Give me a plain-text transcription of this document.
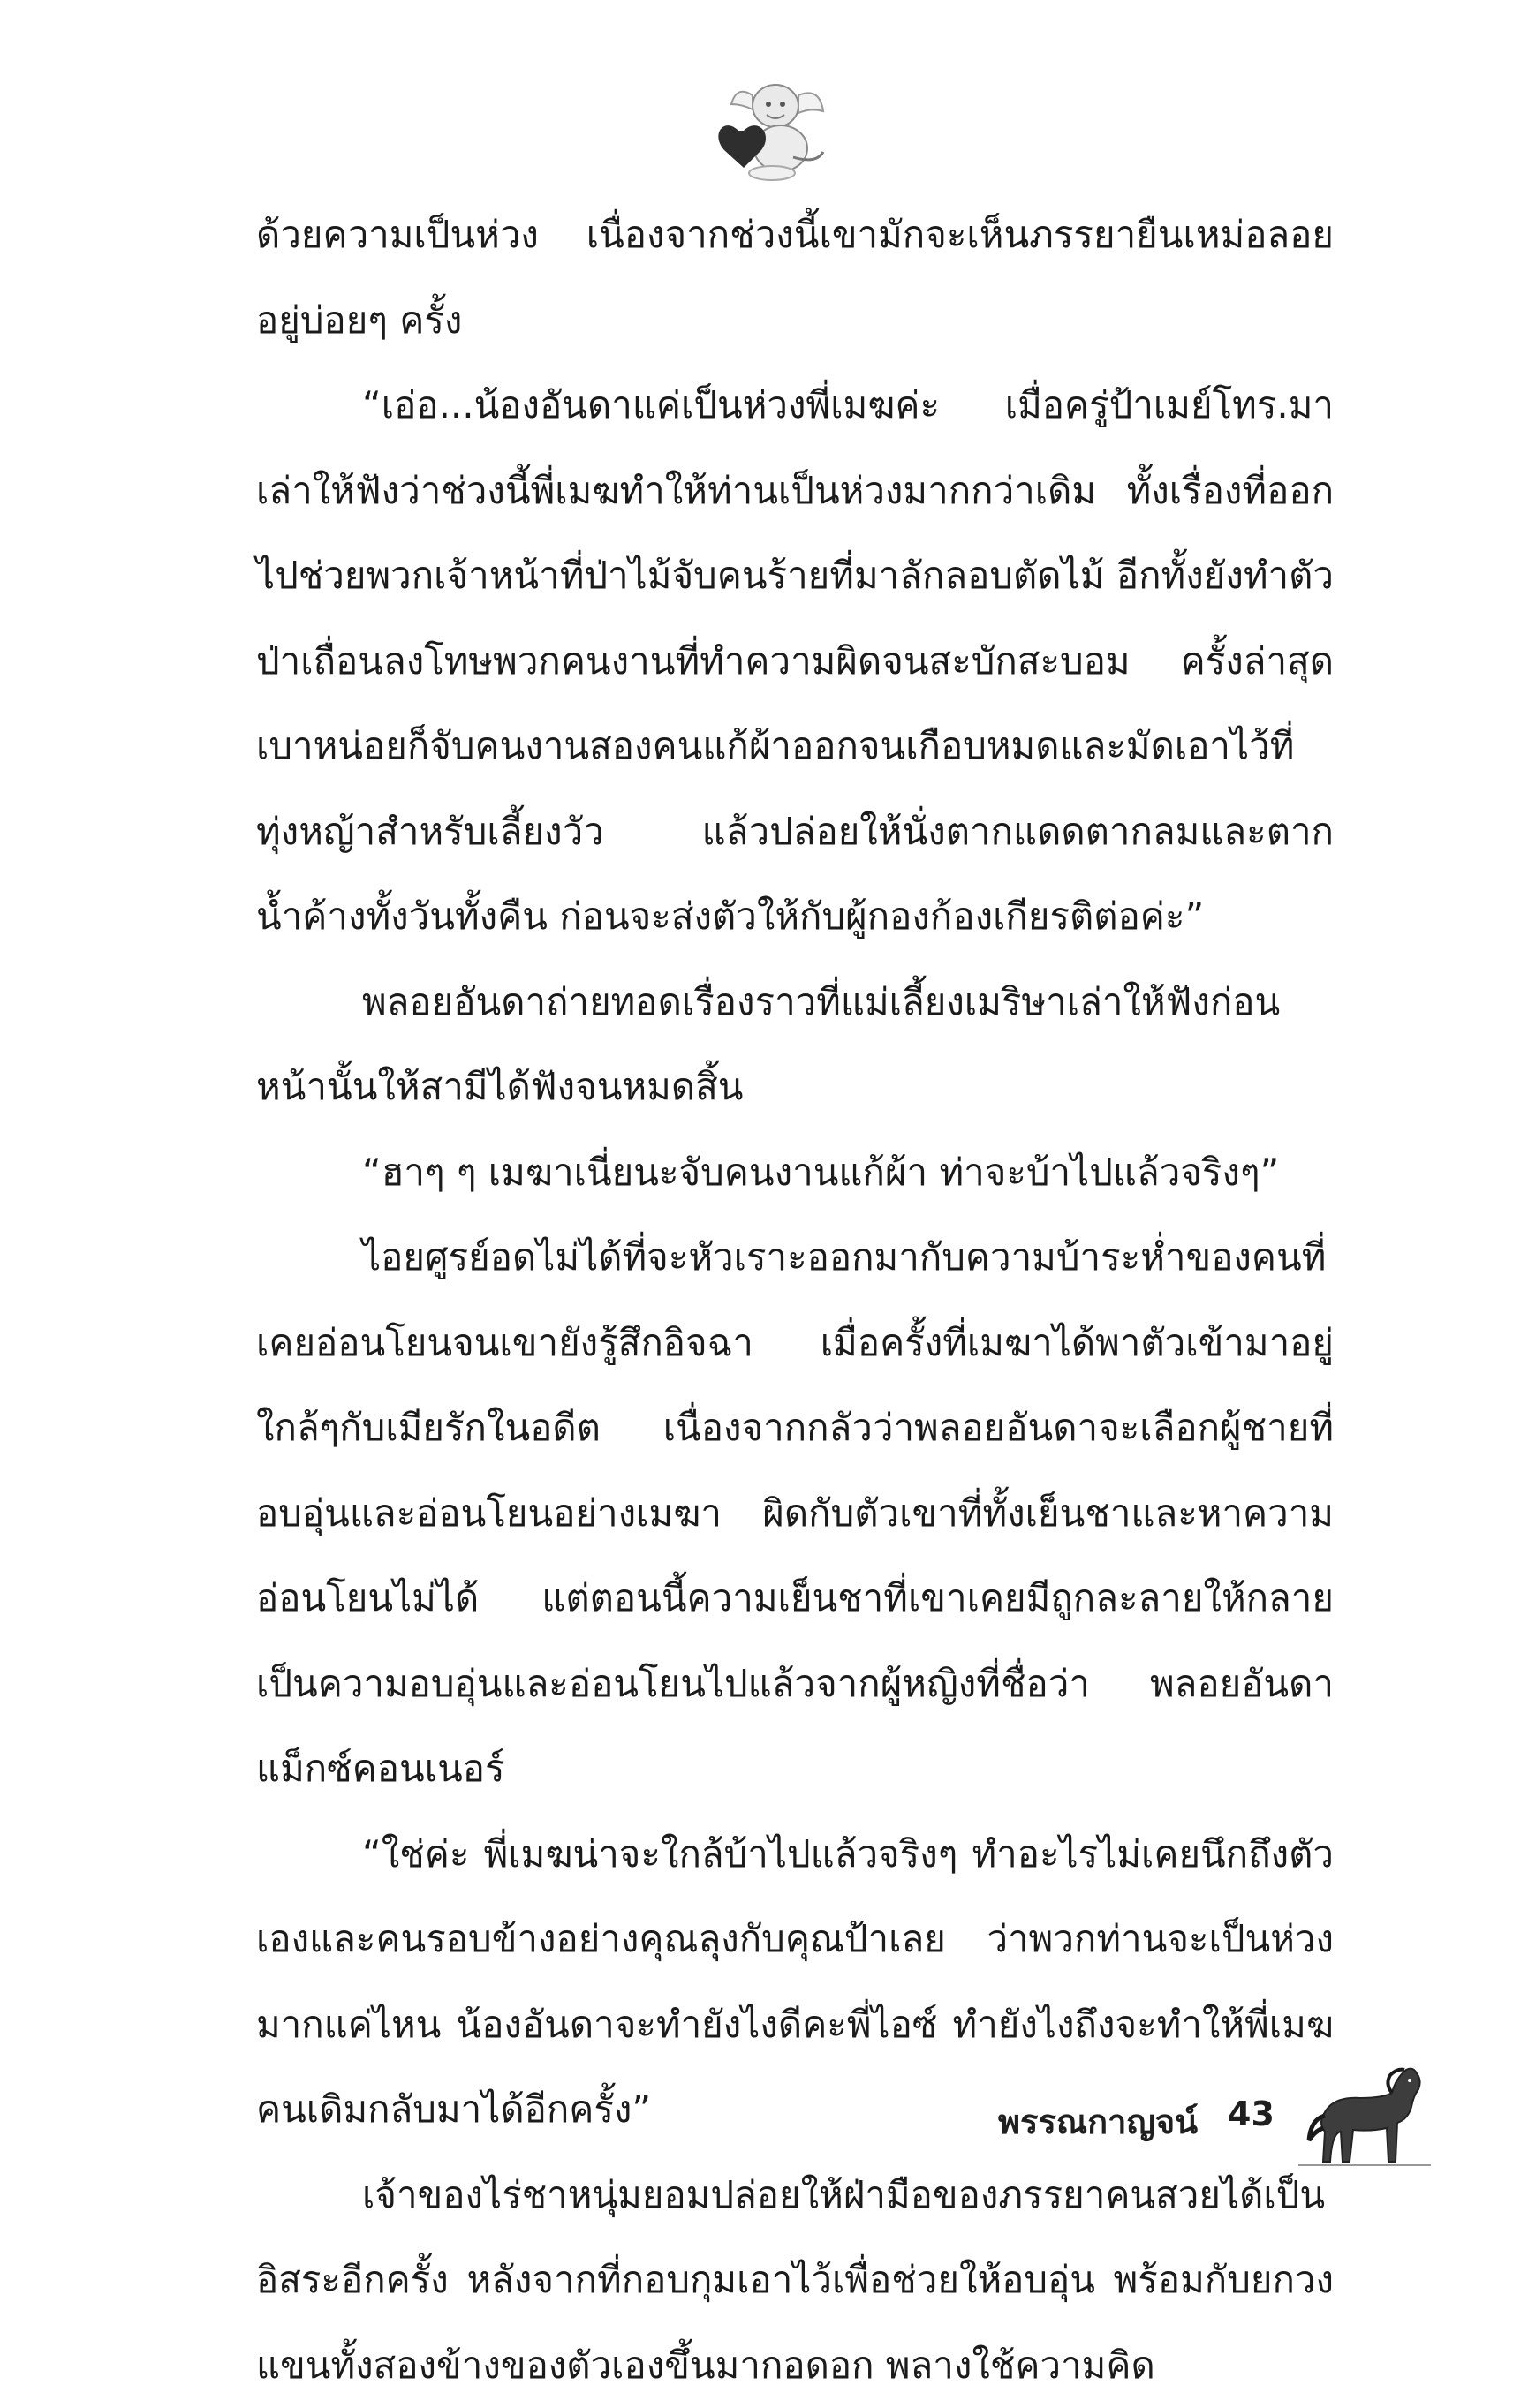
ด้วยความเป็นห่วง เนื่องจากช่วงนี้เขามักจะเห็นภรรยายืนเหม่อลอยอยู่บ่อยๆ ครั้ง

“เอ่อ...น้องอันดาแค่เป็นห่วงพี่เมฆค่ะ เมื่อครู่ป้าเมย์โทร.มาเล่าให้ฟังว่าช่วงนี้พี่เมฆทำให้ท่านเป็นห่วงมากกว่าเดิม ทั้งเรื่องที่ออกไปช่วยพวกเจ้าหน้าที่ป่าไม้จับคนร้ายที่มาลักลอบตัดไม้ อีกทั้งยังทำตัวป่าเถื่อนลงโทษพวกคนงานที่ทำความผิดจนสะบักสะบอม ครั้งล่าสุดเบาหน่อยก็จับคนงานสองคนแก้ผ้าออกจนเกือบหมดและมัดเอาไว้ที่ทุ่งหญ้าสำหรับเลี้ยงวัว แล้วปล่อยให้นั่งตากแดดตากลมและตากน้ำค้างทั้งวันทั้งคืน ก่อนจะส่งตัวให้กับผู้กองก้องเกียรติต่อค่ะ”

พลอยอันดาถ่ายทอดเรื่องราวที่แม่เลี้ยงเมริษาเล่าให้ฟังก่อนหน้านั้นให้สามีได้ฟังจนหมดสิ้น

“ฮาๆ ๆ เมฆาเนี่ยนะจับคนงานแก้ผ้า ท่าจะบ้าไปแล้วจริงๆ”

ไอยศูรย์อดไม่ได้ที่จะหัวเราะออกมากับความบ้าระห่ำของคนที่เคยอ่อนโยนจนเขายังรู้สึกอิจฉา เมื่อครั้งที่เมฆาได้พาตัวเข้ามาอยู่ใกล้ๆกับเมียรักในอดีต เนื่องจากกลัวว่าพลอยอันดาจะเลือกผู้ชายที่อบอุ่นและอ่อนโยนอย่างเมฆา ผิดกับตัวเขาที่ทั้งเย็นชาและหาความอ่อนโยนไม่ได้ แต่ตอนนี้ความเย็นชาที่เขาเคยมีถูกละลายให้กลายเป็นความอบอุ่นและอ่อนโยนไปแล้วจากผู้หญิงที่ชื่อว่า พลอยอันดา แม็กซ์คอนเนอร์

“ใช่ค่ะ พี่เมฆน่าจะใกล้บ้าไปแล้วจริงๆ ทำอะไรไม่เคยนึกถึงตัวเองและคนรอบข้างอย่างคุณลุงกับคุณป้าเลย ว่าพวกท่านจะเป็นห่วงมากแค่ไหน น้องอันดาจะทำยังไงดีคะพี่ไอซ์ ทำยังไงถึงจะทำให้พี่เมฆคนเดิมกลับมาได้อีกครั้ง”

เจ้าของไร่ชาหนุ่มยอมปล่อยให้ฝ่ามือของภรรยาคนสวยได้เป็นอิสระอีกครั้ง หลังจากที่กอบกุมเอาไว้เพื่อช่วยให้อบอุ่น พร้อมกับยกวงแขนทั้งสองข้างของตัวเองขึ้นมากอดอก พลางใช้ความคิด

พรรณกาญจน์ 43
